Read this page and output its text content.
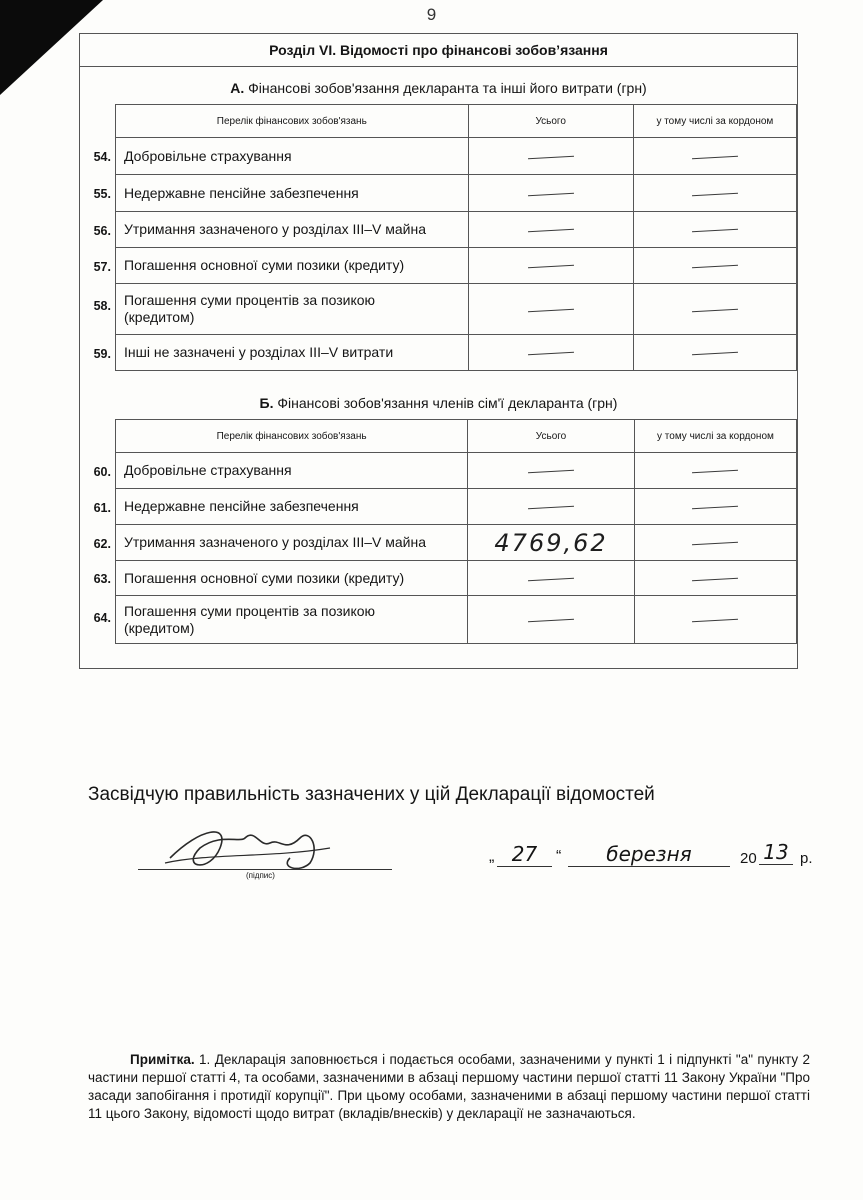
9
Розділ VI. Відомості про фінансові зобов’язання
А. Фінансові зобов'язання декларанта та інші його витрати (грн)
Перелік фінансових зобов'язань	Усього	у тому числі за кордоном

54. Добровільне страхування		

55. Недержавне пенсійне забезпечення		

56. Утримання зазначеного у розділах III–V майна		

57. Погашення основної суми позики (кредиту)		

58. Погашення суми процентів за позикою (кредитом)

59. Інші не зазначені у розділах III–V витрати		
Б. Фінансові зобов'язання членів сім'ї декларанта (грн)
Перелік фінансових зобов'язань	Усього	у тому числі за кордоном

60. Добровільне страхування		

61. Недержавне пенсійне забезпечення		

62. Утримання зазначеного у розділах III–V майна	4769,62	

63. Погашення основної суми позики (кредиту)		

64. Погашення суми процентів за позикою (кредитом)

Засвідчую правильність зазначених у цій Декларації відомостей
(підпис)
„ 27	“	березня	20 13 р.
Примітка. 1. Декларація заповнюється і подається особами, зазначеними у пункті 1 і підпункті "а" пункту 2 частини першої статті 4, та особами, зазначеними в абзаці першому частини першої статті 11 Закону України "Про засади запобігання і протидії корупції". При цьому особами, зазначеними в абзаці першому частини першої статті 11 цього Закону, відомості щодо витрат (вкладів/внесків) у декларації не зазначаються.
